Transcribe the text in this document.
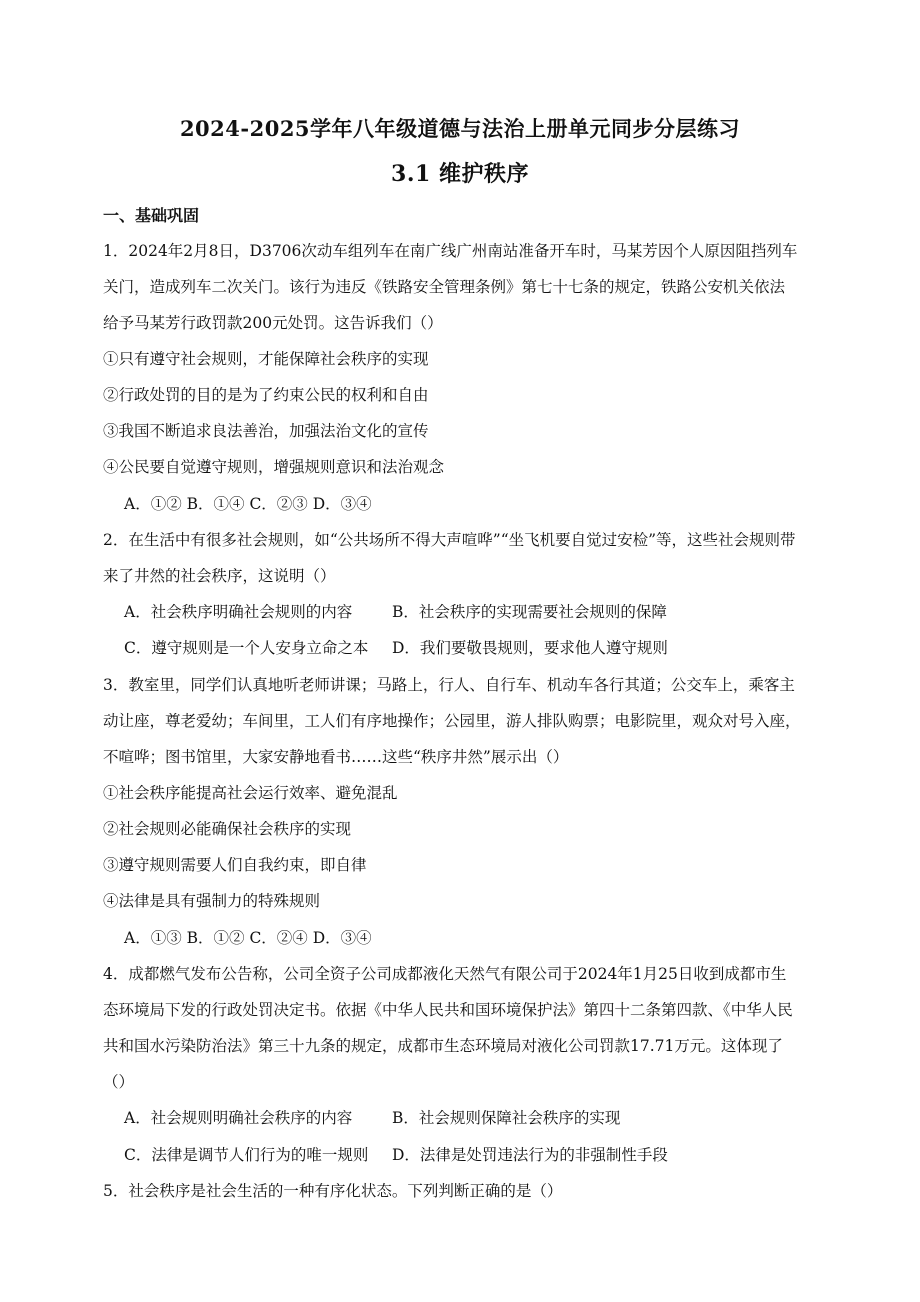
2024-2025学年八年级道德与法治上册单元同步分层练习
3.1 维护秩序
一、基础巩固
1．2024年2月8日，D3706次动车组列车在南广线广州南站准备开车时，马某芳因个人原因阻挡列车
关门，造成列车二次关门。该行为违反《铁路安全管理条例》第七十七条的规定，铁路公安机关依法
给予马某芳行政罚款200元处罚。这告诉我们（）
①只有遵守社会规则，才能保障社会秩序的实现
②行政处罚的目的是为了约束公民的权利和自由
③我国不断追求良法善治，加强法治文化的宣传
④公民要自觉遵守规则，增强规则意识和法治观念
A．①② B．①④ C．②③ D．③④
2．在生活中有很多社会规则，如“公共场所不得大声喧哗”“坐飞机要自觉过安检”等，这些社会规则带
来了井然的社会秩序，这说明（）
A．社会秩序明确社会规则的内容	B．社会秩序的实现需要社会规则的保障
C．遵守规则是一个人安身立命之本 D．我们要敬畏规则，要求他人遵守规则
3．教室里，同学们认真地听老师讲课；马路上，行人、自行车、机动车各行其道；公交车上，乘客主
动让座，尊老爱幼；车间里，工人们有序地操作；公园里，游人排队购票；电影院里，观众对号入座，
不喧哗；图书馆里，大家安静地看书……这些“秩序井然”展示出（）
①社会秩序能提高社会运行效率、避免混乱
②社会规则必能确保社会秩序的实现
③遵守规则需要人们自我约束，即自律
④法律是具有强制力的特殊规则
A．①③ B．①② C．②④ D．③④
4．成都燃气发布公告称，公司全资子公司成都液化天然气有限公司于2024年1月25日收到成都市生
态环境局下发的行政处罚决定书。依据《中华人民共和国环境保护法》第四十二条第四款、《中华人民
共和国水污染防治法》第三十九条的规定，成都市生态环境局对液化公司罚款17.71万元。这体现了
（）
A．社会规则明确社会秩序的内容	B．社会规则保障社会秩序的实现
C．法律是调节人们行为的唯一规则 D．法律是处罚违法行为的非强制性手段
5．社会秩序是社会生活的一种有序化状态。下列判断正确的是（）
